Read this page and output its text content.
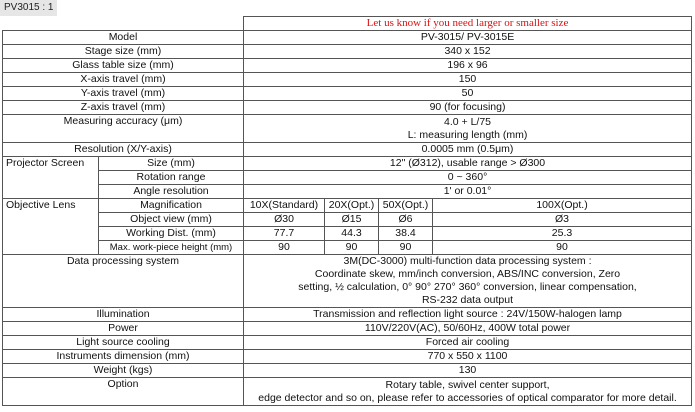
PV3015 : 1
		Let us know if you need larger or smaller size			
Model		PV-3015/ PV-3015E			
Stage size (mm)		340 x 152			
Glass table size (mm)		196 x 96			
X-axis travel (mm)		150			
Y-axis travel (mm)		50			
Z-axis travel (mm)		90 (for focusing)			
Measuring accuracy (μm)		4.0 + L/75
L: measuring length (mm)			

Resolution (X/Y-axis)		0.0005 mm (0.5μm)			
Projector Screen	Size (mm)	12" (Ø312), usable range > Ø300			
	Rotation range	0 ~ 360°			
	Angle resolution	1' or 0.01°			
Objective Lens	Magnification	10X(Standard)	20X(Opt.)	50X(Opt.)	100X(Opt.)
	Object view (mm)	Ø30	Ø15	Ø6	Ø3
	Working Dist. (mm)	77.7	44.3	38.4	25.3
	Max. work-piece height (mm)	90	90	90	90
Data processing system		3M(DC-3000) multi-function data processing system :
Coordinate skew, mm/inch conversion, ABS/INC conversion, Zero
setting, ½ calculation, 0° 90° 270° 360° conversion, linear compensation,
RS-232 data output			

Illumination		Transmission and reflection light source : 24V/150W-halogen lamp			
Power		110V/220V(AC), 50/60Hz, 400W total power			
Light source cooling		Forced air cooling			
Instruments dimension (mm)		770 x 550 x 1100			
Weight (kgs)		130			
Option		Rotary table, swivel center support,
edge detector and so on, please refer to accessories of optical comparator for more detail.			
